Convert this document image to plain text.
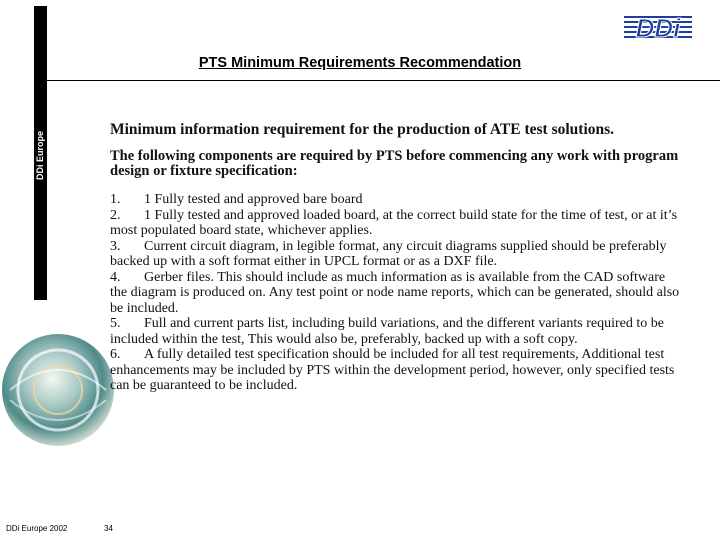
DDi Europe
DDi
PTS Minimum Requirements Recommendation

Minimum information requirement for the production of ATE test solutions.

The following components are required by PTS before commencing any work with program design or fixture specification:

1. 1 Fully tested and approved bare board

2. 1 Fully tested and approved loaded board, at the correct build state for the time of test, or at it’s most populated board state, whichever applies.

3. Current circuit diagram, in legible format, any circuit diagrams supplied should be preferably backed up with a soft format either in UPCL format or as a DXF file.

4. Gerber files. This should include as much information as is available from the CAD software the diagram is produced on. Any test point or node name reports, which can be generated, should also be included.

5. Full and current parts list, including build variations, and the different variants required to be included within the test, This would also be, preferably, backed up with a soft copy.

6. A fully detailed test specification should be included for all test requirements, Additional test enhancements may be included by PTS within the development period, however, only specified tests can be guaranteed to be included.

DDi Europe 2002	34
